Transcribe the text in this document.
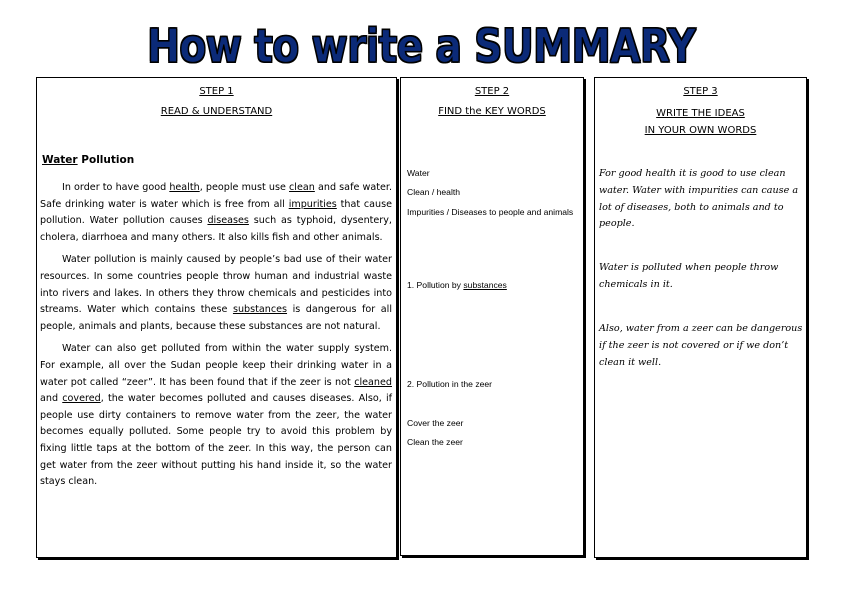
How to write a SUMMARY
STEP 1
READ & UNDERSTAND
Water Pollution

In order to have good health, people must use clean and safe water. Safe drinking water is water which is free from all impurities that cause pollution. Water pollution causes diseases such as typhoid, dysentery, cholera, diarrhoea and many others. It also kills fish and other animals.

Water pollution is mainly caused by people’s bad use of their water resources. In some countries people throw human and industrial waste into rivers and lakes. In others they throw chemicals and pesticides into streams. Water which contains these substances is dangerous for all people, animals and plants, because these substances are not natural.

Water can also get polluted from within the water supply system. For example, all over the Sudan people keep their drinking water in a water pot called “zeer”. It has been found that if the zeer is not cleaned and covered, the water becomes polluted and causes diseases. Also, if people use dirty containers to remove water from the zeer, the water becomes equally polluted. Some people try to avoid this problem by fixing little taps at the bottom of the zeer. In this way, the person can get water from the zeer without putting his hand inside it, so the water stays clean.

STEP 2
FIND the KEY WORDS
Water
Clean / health
Impurities / Diseases to people and animals
1. Pollution by substances
2. Pollution in the zeer
Cover the zeer
Clean the zeer
STEP 3
WRITE THE IDEAS
IN YOUR OWN WORDS
For good health it is good to use clean water. Water with impurities can cause a lot of diseases, both to animals and to people.
Water is polluted when people throw chemicals in it.
Also, water from a zeer can be dangerous if the zeer is not covered or if we don’t clean it well.
